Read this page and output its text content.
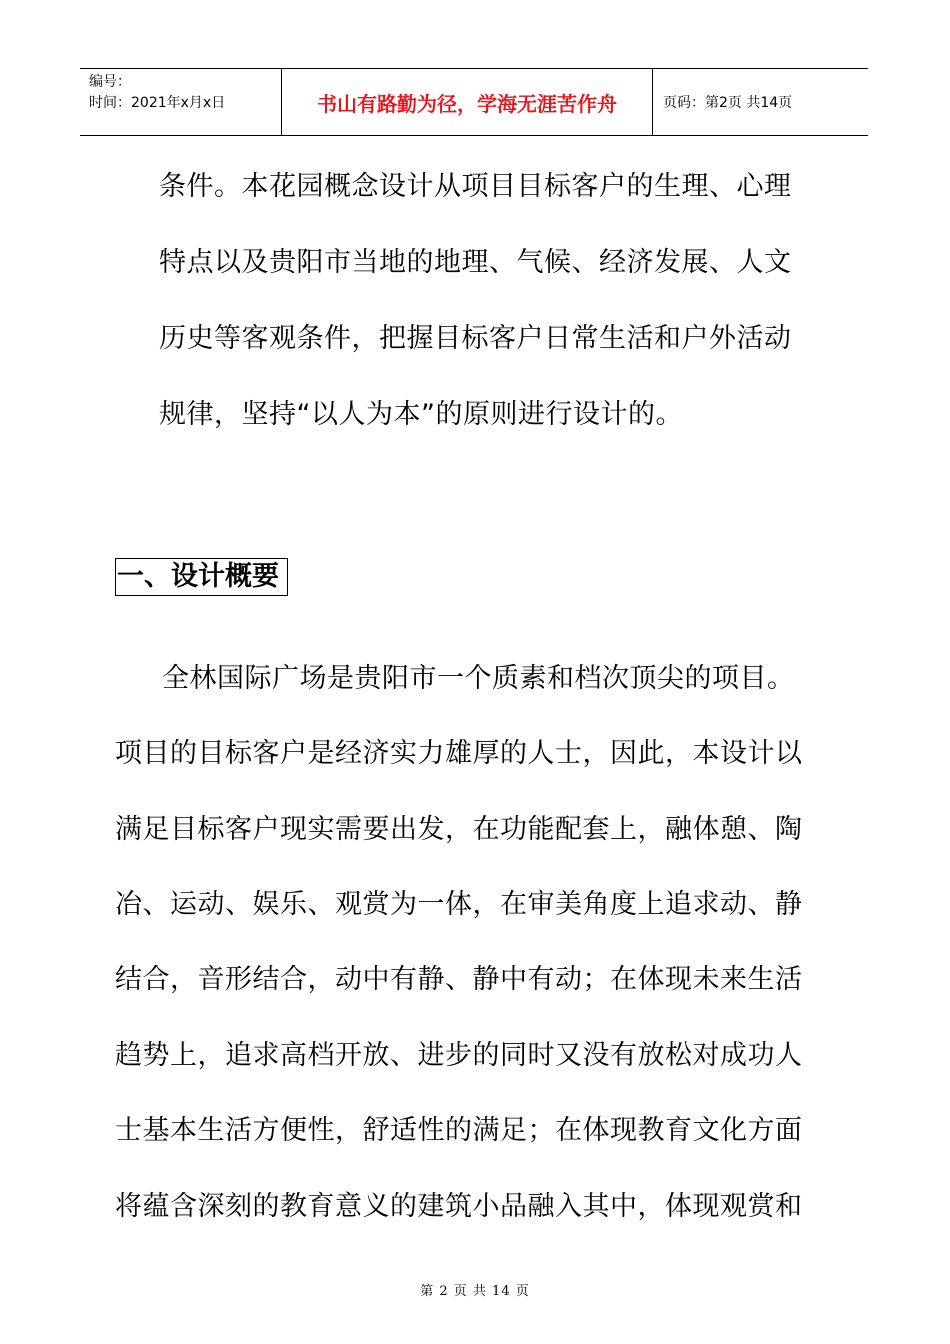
编号：
时间：2021年x月x日	书山有路勤为径，学海无涯苦作舟	页码：第2页 共14页
条件。本花园概念设计从项目目标客户的生理、心理
特点以及贵阳市当地的地理、气候、经济发展、人文
历史等客观条件，把握目标客户日常生活和户外活动
规律，坚持“以人为本”的原则进行设计的。
一、设计概要
全林国际广场是贵阳市一个质素和档次顶尖的项目。
项目的目标客户是经济实力雄厚的人士，因此，本设计以
满足目标客户现实需要出发，在功能配套上，融体憩、陶
冶、运动、娱乐、观赏为一体，在审美角度上追求动、静
结合，音形结合，动中有静、静中有动；在体现未来生活
趋势上，追求高档开放、进步的同时又没有放松对成功人
士基本生活方便性，舒适性的满足；在体现教育文化方面
将蕴含深刻的教育意义的建筑小品融入其中，体现观赏和
第 2 页 共 14 页
